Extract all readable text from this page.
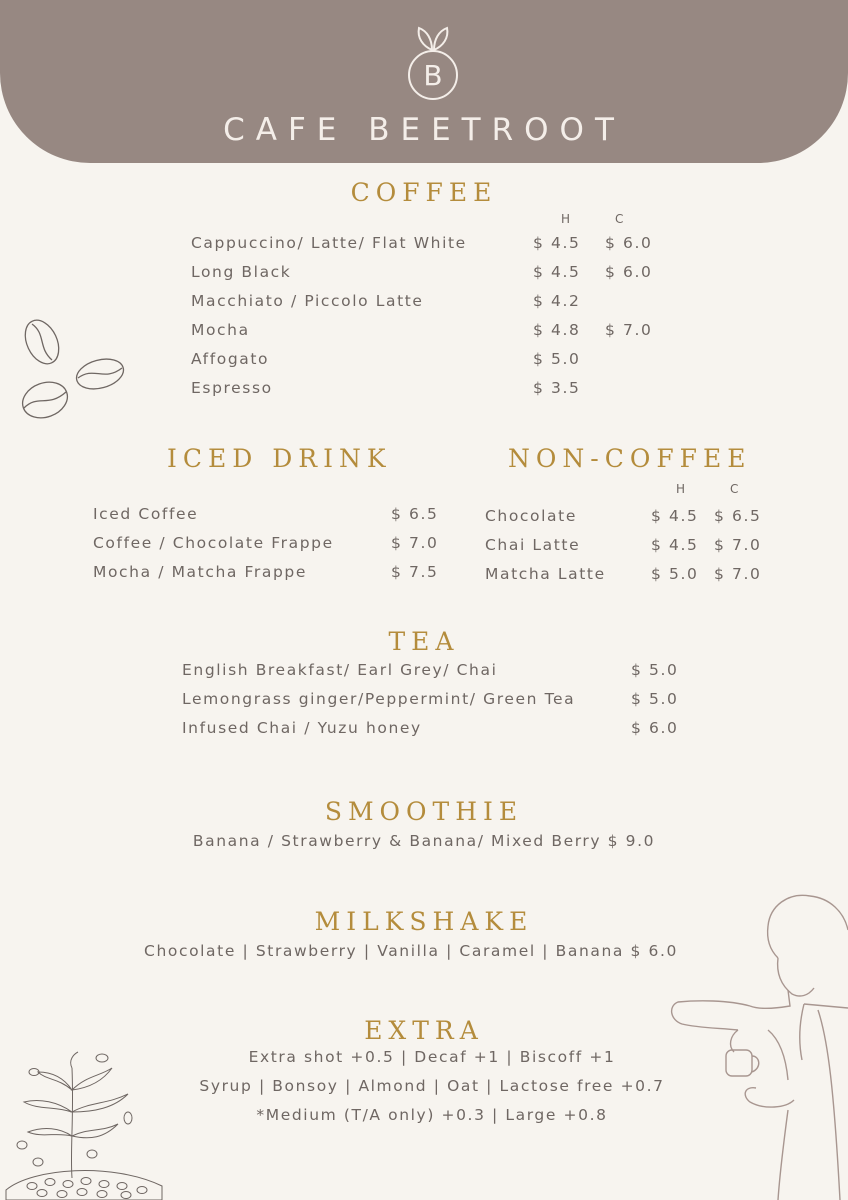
B
CAFE BEETROOT
COFFEE
H	C
Cappuccino/ Latte/ Flat White	$ 4.5 $ 6.0
Long Black	$ 4.5 $ 6.0
Macchiato / Piccolo Latte	$ 4.2
Mocha	$ 4.8 $ 7.0
Affogato	$ 5.0
Espresso	$ 3.5
ICED DRINK
Iced Coffee	$ 6.5
Coffee / Chocolate Frappe	$ 7.0
Mocha / Matcha Frappe	$ 7.5
NON-COFFEE
H	C
Chocolate	$ 4.5 $ 6.5
Chai Latte	$ 4.5 $ 7.0
Matcha Latte	$ 5.0 $ 7.0
TEA
English Breakfast/ Earl Grey/ Chai	$ 5.0
Lemongrass ginger/Peppermint/ Green Tea	$ 5.0
Infused Chai / Yuzu honey	$ 6.0
SMOOTHIE
Banana / Strawberry & Banana/ Mixed Berry $ 9.0
MILKSHAKE
Chocolate | Strawberry | Vanilla | Caramel | Banana $ 6.0
EXTRA
Extra shot +0.5 | Decaf +1 | Biscoff +1
Syrup | Bonsoy | Almond | Oat | Lactose free +0.7
*Medium (T/A only) +0.3 | Large +0.8
